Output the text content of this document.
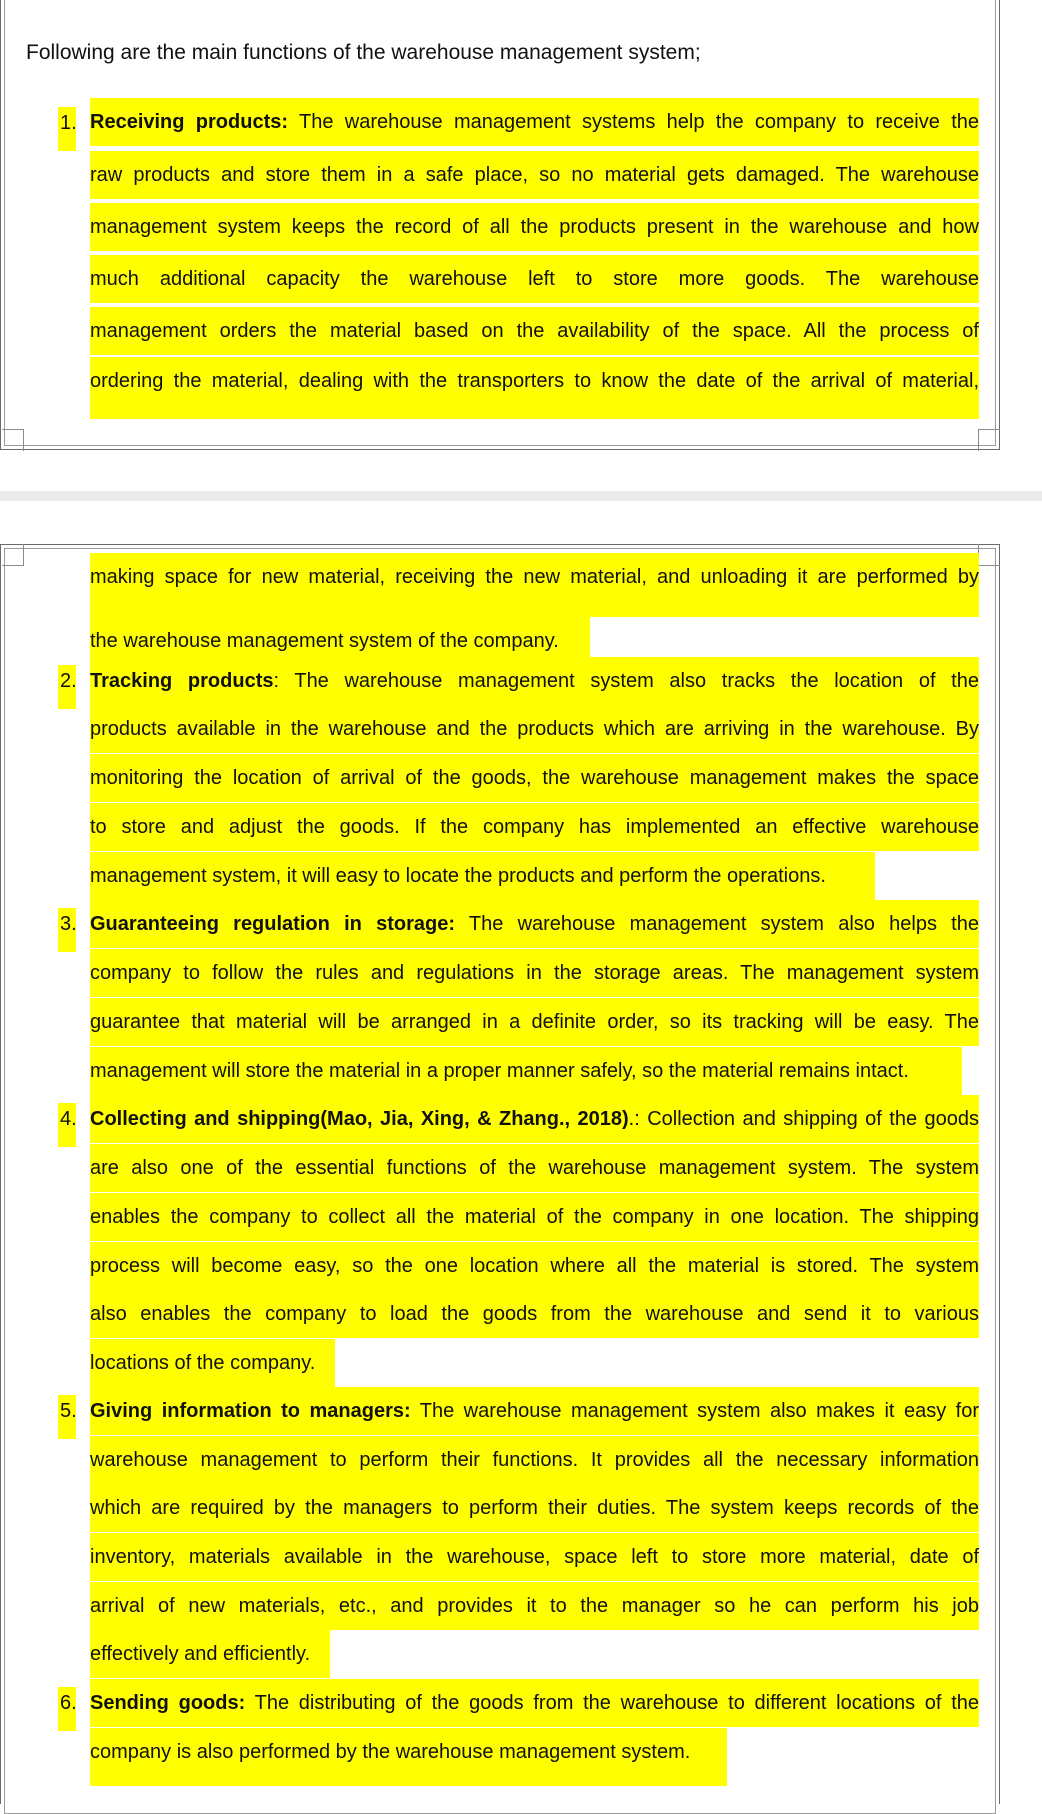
Following are the main functions of the warehouse management system;
1. Receiving products: The warehouse management systems help the company to receive the
raw products and store them in a safe place, so no material gets damaged. The warehouse
management system keeps the record of all the products present in the warehouse and how
much additional capacity the warehouse left to store more goods. The warehouse
management orders the material based on the availability of the space. All the process of
ordering the material, dealing with the transporters to know the date of the arrival of material,
making space for new material, receiving the new material, and unloading it are performed by
the warehouse management system of the company.
2. Tracking products: The warehouse management system also tracks the location of the
products available in the warehouse and the products which are arriving in the warehouse. By
monitoring the location of arrival of the goods, the warehouse management makes the space
to store and adjust the goods. If the company has implemented an effective warehouse
management system, it will easy to locate the products and perform the operations.
3. Guaranteeing regulation in storage: The warehouse management system also helps the
company to follow the rules and regulations in the storage areas. The management system
guarantee that material will be arranged in a definite order, so its tracking will be easy. The
management will store the material in a proper manner safely, so the material remains intact.
4. Collecting and shipping(Mao, Jia, Xing, & Zhang., 2018).: Collection and shipping of the goods
are also one of the essential functions of the warehouse management system. The system
enables the company to collect all the material of the company in one location. The shipping
process will become easy, so the one location where all the material is stored. The system
also enables the company to load the goods from the warehouse and send it to various
locations of the company.
5. Giving information to managers: The warehouse management system also makes it easy for
warehouse management to perform their functions. It provides all the necessary information
which are required by the managers to perform their duties. The system keeps records of the
inventory, materials available in the warehouse, space left to store more material, date of
arrival of new materials, etc., and provides it to the manager so he can perform his job
effectively and efficiently.
6. Sending goods: The distributing of the goods from the warehouse to different locations of the
company is also performed by the warehouse management system.
